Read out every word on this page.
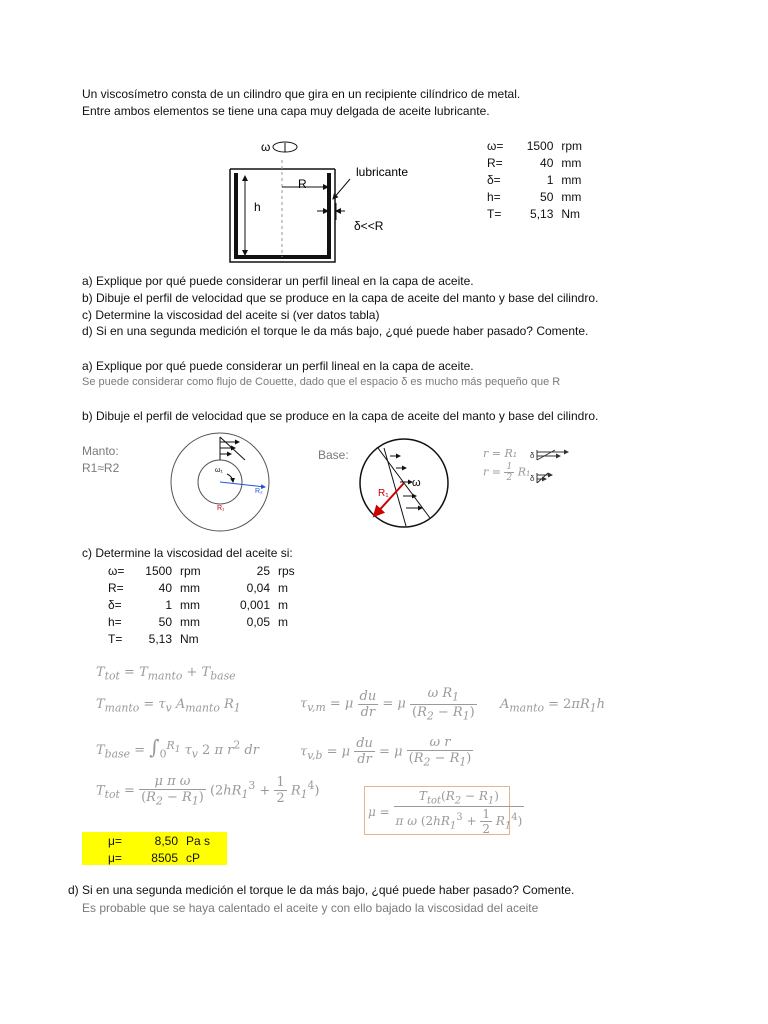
Un viscosímetro consta de un cilindro que gira en un recipiente cilíndrico de metal.
Entre ambos elementos se tiene una capa muy delgada de aceite lubricante.
ω
R
h
lubricante
δ<<R
ω=	1500	rpm
R=	40	mm
δ=	1	mm
h=	50	mm
T=	5,13	Nm
a) Explique por qué puede considerar un perfil lineal en la capa de aceite.
b) Dibuje el perfil de velocidad que se produce en la capa de aceite del manto y base del cilindro.
c) Determine la viscosidad del aceite si (ver datos tabla)
d) Si en una segunda medición el torque le da más bajo, ¿qué puede haber pasado? Comente.
a) Explique por qué puede considerar un perfil lineal en la capa de aceite.
Se puede considerar como flujo de Couette, dado que el espacio δ es mucho más pequeño que R
b) Dibuje el perfil de velocidad que se produce en la capa de aceite del manto y base del cilindro.
Manto:
R1≈R2	ω₁
R₂
R₁
Base:
ω
R₁
r = R₁ δ
δ
$r = \frac{1}{2} R_1$
c) Determine la viscosidad del aceite si:
ω=	1500	rpm	25	rps
R=	40	mm	0,04	m
δ=	1	mm	0,001	m
h=	50	mm	0,05	m
T=	5,13	Nm		
$T_{tot} = T_{manto} + T_{base}$
$T_{manto} = \tau_v$ $A_{manto}$ $R_1$	$\tau_{v,m} = \mu \frac{du}{dr} = \mu \frac{\omega R_1}{(R_2 - R_1)} A_{manto} = 2\pi R_1h$
$T_{base} = \int_0^{R_1}$ $\tau_v$ 2 π $r^2$ dr	$\tau_{v,b} = \mu \frac{du}{dr} = \mu \frac{\text{ω r}}{(R_2 - R_1)}$
$T_{tot} = \frac{\text{μ π ω}}{(R_2 - R_1)} (2hR_1^3 + \frac{1}{2} R_1^4)$
$\mu = \frac{T_{tot}(R_2 - R_1)}{\pi \omega (2hR_1^3 + \frac{1}{2} R_1^4)}$
μ=	8,50	Pa s
μ=	8505	cP
d) Si en una segunda medición el torque le da más bajo, ¿qué puede haber pasado? Comente.
Es probable que se haya calentado el aceite y con ello bajado la viscosidad del aceite
